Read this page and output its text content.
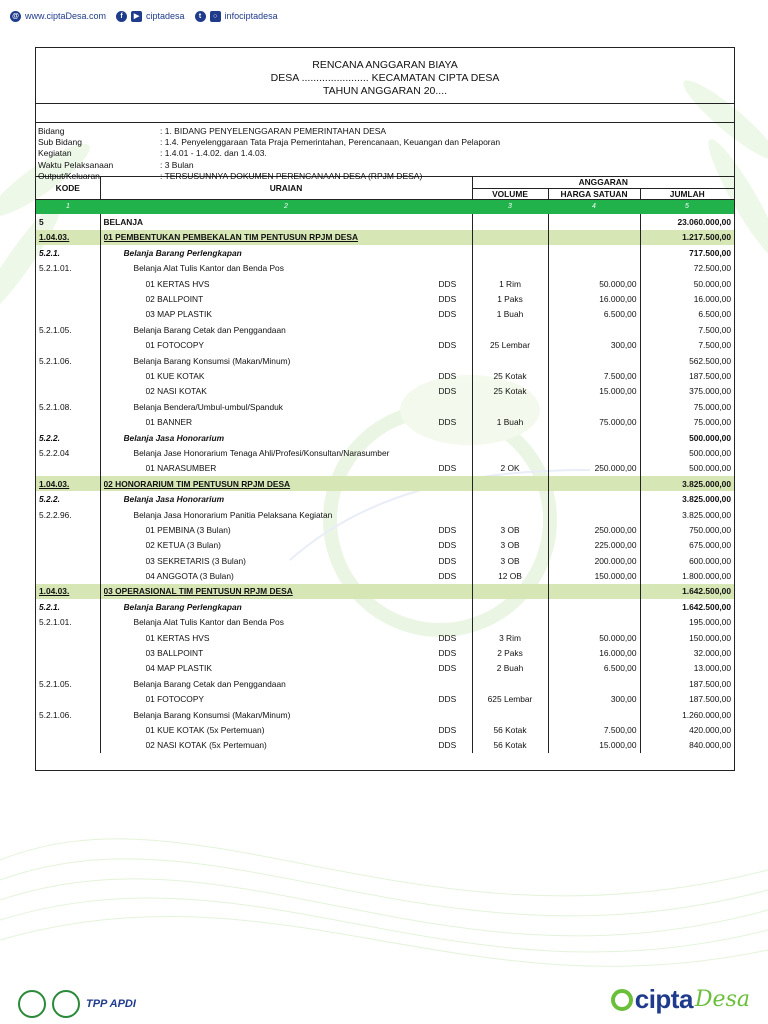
@ www.ciptaDesa.com	f	▶ ciptadesa	t	○ infociptadesa
RENCANA ANGGARAN BIAYA
DESA ....................... KECAMATAN CIPTA DESA
TAHUN ANGGARAN 20....
Bidang	: 1. BIDANG PENYELENGGARAN PEMERINTAHAN DESA
Sub Bidang	: 1.4. Penyelenggaraan Tata Praja Pemerintahan, Perencanaan, Keuangan dan Pelaporan
Kegiatan	: 1.4.01 - 1.4.02. dan 1.4.03.
Waktu Pelaksanaan	: 3 Bulan
Output/Keluaran	: TERSUSUNNYA DOKUMEN PERENCANAAN DESA (RPJM DESA)
KODE	URAIAN	ANGGARAN		
		VOLUME	HARGA SATUAN	JUMLAH
1	2	3	4	5
5	BELANJA			23.060.000,00
1.04.03.	01 PEMBENTUKAN PEMBEKALAN TIM PENTUSUN RPJM DESA			1.217.500,00
5.2.1.	Belanja Barang Perlengkapan			717.500,00
5.2.1.01.	Belanja Alat Tulis Kantor dan Benda Pos			72.500,00

	01 KERTAS HVS DDS	1 Rim	50.000,00	50.000,00

	02 BALLPOINT DDS	1 Paks	16.000,00	16.000,00

	03 MAP PLASTIK DDS	1 Buah	6.500,00	6.500,00
5.2.1.05.	Belanja Barang Cetak dan Penggandaan			7.500,00

	01 FOTOCOPY DDS	25 Lembar	300,00	7.500,00
5.2.1.06.	Belanja Barang Konsumsi (Makan/Minum)			562.500,00

	01 KUE KOTAK DDS	25 Kotak	7.500,00	187.500,00

	02 NASI KOTAK DDS	25 Kotak	15.000,00	375.000,00
5.2.1.08.	Belanja Bendera/Umbul-umbul/Spanduk			75.000,00

	01 BANNER DDS	1 Buah	75.000,00	75.000,00
5.2.2.	Belanja Jasa Honorarium			500.000,00
5.2.2.04	Belanja Jase Honorarium Tenaga Ahli/Profesi/Konsultan/Narasumber			500.000,00

	01 NARASUMBER DDS	2 OK	250.000,00	500.000,00
1.04.03.	02 HONORARIUM TIM PENTUSUN RPJM DESA			3.825.000,00
5.2.2.	Belanja Jasa Honorarium			3.825.000,00
5.2.2.96.	Belanja Jasa Honorarium Panitia Pelaksana Kegiatan			3.825.000,00

	01 PEMBINA (3 Bulan) DDS	3 OB	250.000,00	750.000,00

	02 KETUA (3 Bulan) DDS	3 OB	225.000,00	675.000,00

	03 SEKRETARIS (3 Bulan) DDS	3 OB	200.000,00	600.000,00

	04 ANGGOTA (3 Bulan) DDS	12 OB	150.000,00	1.800.000,00
1.04.03.	03 OPERASIONAL TIM PENTUSUN RPJM DESA			1.642.500,00
5.2.1.	Belanja Barang Perlengkapan			1.642.500,00
5.2.1.01.	Belanja Alat Tulis Kantor dan Benda Pos			195.000,00

	01 KERTAS HVS DDS	3 Rim	50.000,00	150.000,00

	03 BALLPOINT DDS	2 Paks	16.000,00	32.000,00

	04 MAP PLASTIK DDS	2 Buah	6.500,00	13.000,00
5.2.1.05.	Belanja Barang Cetak dan Penggandaan			187.500,00

	01 FOTOCOPY DDS	625 Lembar	300,00	187.500,00
5.2.1.06.	Belanja Barang Konsumsi (Makan/Minum)			1.260.000,00

	01 KUE KOTAK (5x Pertemuan) DDS	56 Kotak	7.500,00	420.000,00

	02 NASI KOTAK (5x Pertemuan) DDS	56 Kotak	15.000,00	840.000,00
TPP APDI	cipta Desa
